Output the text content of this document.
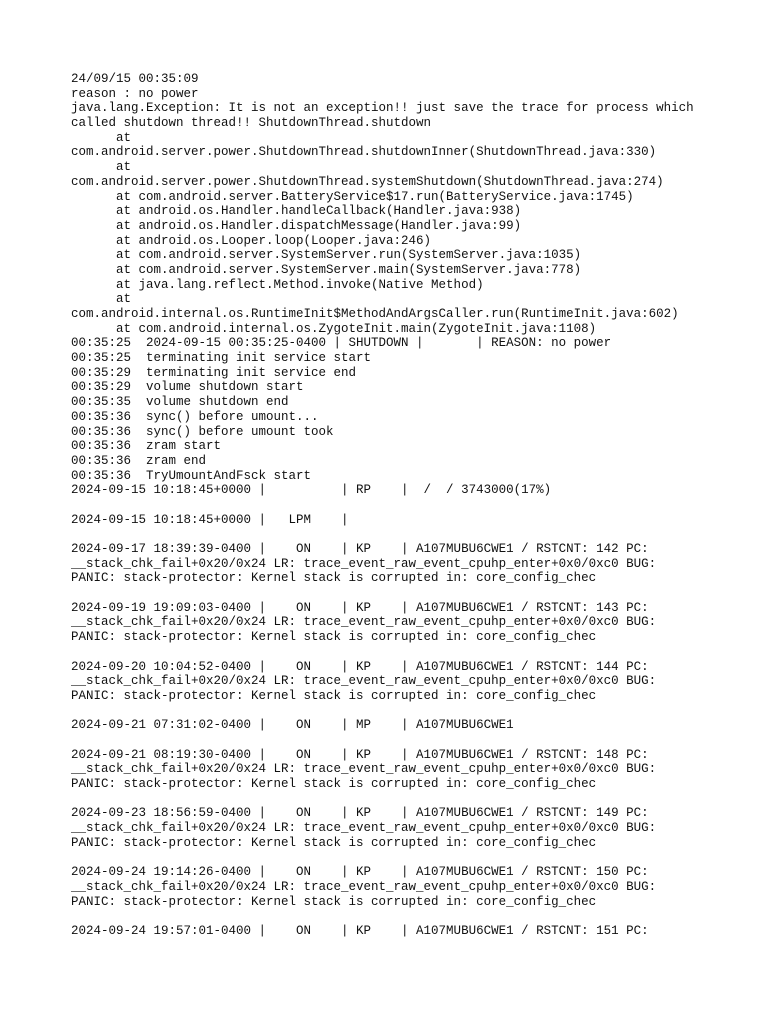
24/09/15 00:35:09
reason : no power
java.lang.Exception: It is not an exception!! just save the trace for process which
called shutdown thread!! ShutdownThread.shutdown
at
com.android.server.power.ShutdownThread.shutdownInner(ShutdownThread.java:330)
at
com.android.server.power.ShutdownThread.systemShutdown(ShutdownThread.java:274)
at com.android.server.BatteryService$17.run(BatteryService.java:1745)
at android.os.Handler.handleCallback(Handler.java:938)
at android.os.Handler.dispatchMessage(Handler.java:99)
at android.os.Looper.loop(Looper.java:246)
at com.android.server.SystemServer.run(SystemServer.java:1035)
at com.android.server.SystemServer.main(SystemServer.java:778)
at java.lang.reflect.Method.invoke(Native Method)
at
com.android.internal.os.RuntimeInit$MethodAndArgsCaller.run(RuntimeInit.java:602)
at com.android.internal.os.ZygoteInit.main(ZygoteInit.java:1108)
00:35:25  2024-09-15 00:35:25-0400 | SHUTDOWN |       | REASON: no power
00:35:25  terminating init service start
00:35:29  terminating init service end
00:35:29  volume shutdown start
00:35:35  volume shutdown end
00:35:36  sync() before umount...
00:35:36  sync() before umount took
00:35:36  zram start
00:35:36  zram end
00:35:36  TryUmountAndFsck start
2024-09-15 10:18:45+0000 |          | RP    |  /  / 3743000(17%)

2024-09-15 10:18:45+0000 |   LPM    |

2024-09-17 18:39:39-0400 |    ON    | KP    | A107MUBU6CWE1 / RSTCNT: 142 PC:
__stack_chk_fail+0x20/0x24 LR: trace_event_raw_event_cpuhp_enter+0x0/0xc0 BUG:
PANIC: stack-protector: Kernel stack is corrupted in: core_config_chec

2024-09-19 19:09:03-0400 |    ON    | KP    | A107MUBU6CWE1 / RSTCNT: 143 PC:
__stack_chk_fail+0x20/0x24 LR: trace_event_raw_event_cpuhp_enter+0x0/0xc0 BUG:
PANIC: stack-protector: Kernel stack is corrupted in: core_config_chec

2024-09-20 10:04:52-0400 |    ON    | KP    | A107MUBU6CWE1 / RSTCNT: 144 PC:
__stack_chk_fail+0x20/0x24 LR: trace_event_raw_event_cpuhp_enter+0x0/0xc0 BUG:
PANIC: stack-protector: Kernel stack is corrupted in: core_config_chec

2024-09-21 07:31:02-0400 |    ON    | MP    | A107MUBU6CWE1

2024-09-21 08:19:30-0400 |    ON    | KP    | A107MUBU6CWE1 / RSTCNT: 148 PC:
__stack_chk_fail+0x20/0x24 LR: trace_event_raw_event_cpuhp_enter+0x0/0xc0 BUG:
PANIC: stack-protector: Kernel stack is corrupted in: core_config_chec

2024-09-23 18:56:59-0400 |    ON    | KP    | A107MUBU6CWE1 / RSTCNT: 149 PC:
__stack_chk_fail+0x20/0x24 LR: trace_event_raw_event_cpuhp_enter+0x0/0xc0 BUG:
PANIC: stack-protector: Kernel stack is corrupted in: core_config_chec

2024-09-24 19:14:26-0400 |    ON    | KP    | A107MUBU6CWE1 / RSTCNT: 150 PC:
__stack_chk_fail+0x20/0x24 LR: trace_event_raw_event_cpuhp_enter+0x0/0xc0 BUG:
PANIC: stack-protector: Kernel stack is corrupted in: core_config_chec

2024-09-24 19:57:01-0400 |    ON    | KP    | A107MUBU6CWE1 / RSTCNT: 151 PC:
